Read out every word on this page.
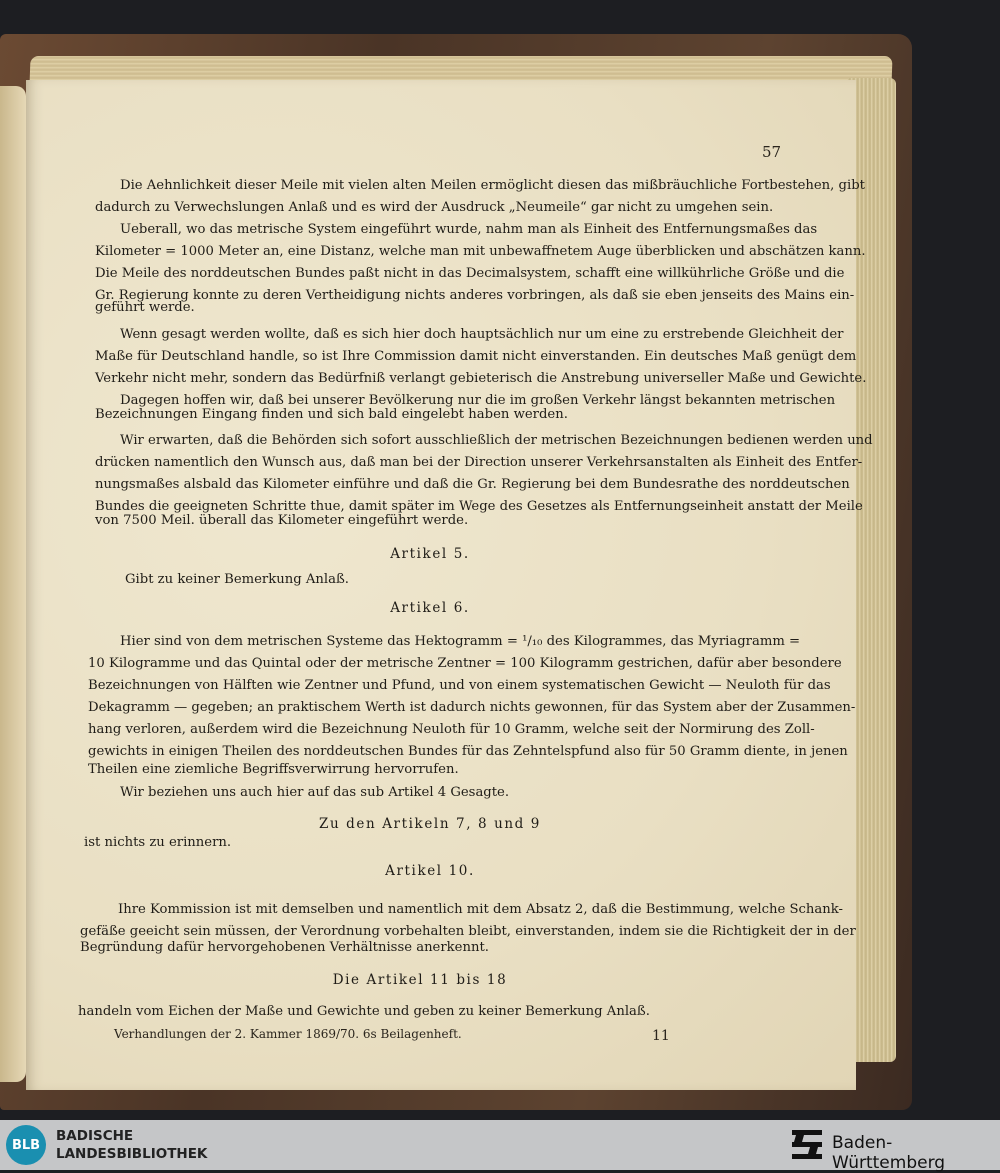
57
Die Aehnlichkeit dieser Meile mit vielen alten Meilen ermöglicht diesen das mißbräuchliche Fortbestehen, gibt
dadurch zu Verwechslungen Anlaß und es wird der Ausdruck „Neumeile“ gar nicht zu umgehen sein.
Ueberall, wo das metrische System eingeführt wurde, nahm man als Einheit des Entfernungsmaßes das
Kilometer = 1000 Meter an, eine Distanz, welche man mit unbewaffnetem Auge überblicken und abschätzen kann.
Die Meile des norddeutschen Bundes paßt nicht in das Decimalsystem, schafft eine willkührliche Größe und die
Gr. Regierung konnte zu deren Vertheidigung nichts anderes vorbringen, als daß sie eben jenseits des Mains ein-
geführt werde.
Wenn gesagt werden wollte, daß es sich hier doch hauptsächlich nur um eine zu erstrebende Gleichheit der
Maße für Deutschland handle, so ist Ihre Commission damit nicht einverstanden. Ein deutsches Maß genügt dem
Verkehr nicht mehr, sondern das Bedürfniß verlangt gebieterisch die Anstrebung universeller Maße und Gewichte.
Dagegen hoffen wir, daß bei unserer Bevölkerung nur die im großen Verkehr längst bekannten metrischen
Bezeichnungen Eingang finden und sich bald eingelebt haben werden.
Wir erwarten, daß die Behörden sich sofort ausschließlich der metrischen Bezeichnungen bedienen werden und
drücken namentlich den Wunsch aus, daß man bei der Direction unserer Verkehrsanstalten als Einheit des Entfer-
nungsmaßes alsbald das Kilometer einführe und daß die Gr. Regierung bei dem Bundesrathe des norddeutschen
Bundes die geeigneten Schritte thue, damit später im Wege des Gesetzes als Entfernungseinheit anstatt der Meile
von 7500 Meil. überall das Kilometer eingeführt werde.
Artikel 5.
Gibt zu keiner Bemerkung Anlaß.
Artikel 6.
Hier sind von dem metrischen Systeme das Hektogramm = ¹/₁₀ des Kilogrammes, das Myriagramm =
10 Kilogramme und das Quintal oder der metrische Zentner = 100 Kilogramm gestrichen, dafür aber besondere
Bezeichnungen von Hälften wie Zentner und Pfund, und von einem systematischen Gewicht — Neuloth für das
Dekagramm — gegeben; an praktischem Werth ist dadurch nichts gewonnen, für das System aber der Zusammen-
hang verloren, außerdem wird die Bezeichnung Neuloth für 10 Gramm, welche seit der Normirung des Zoll-
gewichts in einigen Theilen des norddeutschen Bundes für das Zehntelspfund also für 50 Gramm diente, in jenen
Theilen eine ziemliche Begriffsverwirrung hervorrufen.
Wir beziehen uns auch hier auf das sub Artikel 4 Gesagte.
Zu den Artikeln 7, 8 und 9
ist nichts zu erinnern.
Artikel 10.
Ihre Kommission ist mit demselben und namentlich mit dem Absatz 2, daß die Bestimmung, welche Schank-
gefäße geeicht sein müssen, der Verordnung vorbehalten bleibt, einverstanden, indem sie die Richtigkeit der in der
Begründung dafür hervorgehobenen Verhältnisse anerkennt.
Die Artikel 11 bis 18
handeln vom Eichen der Maße und Gewichte und geben zu keiner Bemerkung Anlaß.
Verhandlungen der 2. Kammer 1869/70. 6s Beilagenheft.	11
BLB
BADISCHE
LANDESBIBLIOTHEK
Baden-Württemberg
